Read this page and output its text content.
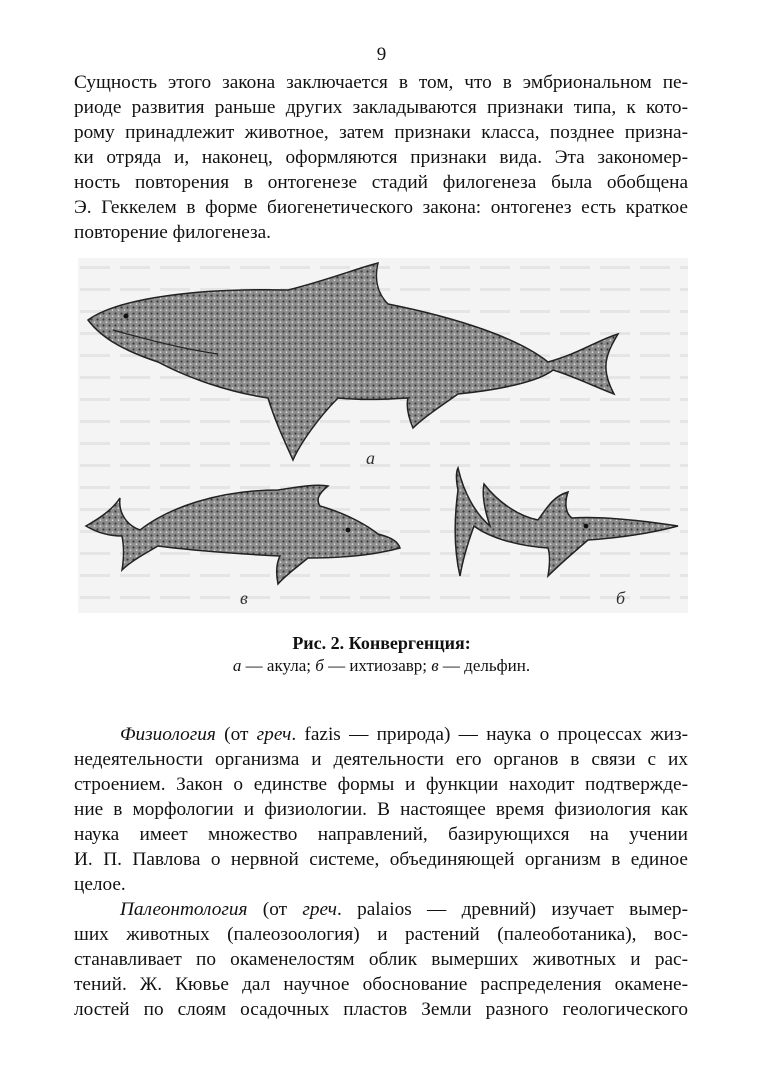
9
Сущность этого закона заключается в том, что в эмбриональном пе-
риоде развития раньше других закладываются признаки типа, к кото-
рому принадлежит животное, затем признаки класса, позднее призна-
ки отряда и, наконец, оформляются признаки вида. Эта закономер-
ность повторения в онтогенезе стадий филогенеза была обобщена
Э. Геккелем в форме биогенетического закона: онтогенез есть краткое
повторение филогенеза.
а
б
в
Рис. 2. Конвергенция:
а — акула; б — ихтиозавр; в — дельфин.
Физиология (от греч. fazis — природа) — наука о процессах жиз-
недеятельности организма и деятельности его органов в связи с их
строением. Закон о единстве формы и функции находит подтвержде-
ние в морфологии и физиологии. В настоящее время физиология как
наука имеет множество направлений, базирующихся на учении
И. П. Павлова о нервной системе, объединяющей организм в единое
целое.
Палеонтология (от греч. palaios — древний) изучает вымер-
ших животных (палеозоология) и растений (палеоботаника), вос-
станавливает по окаменелостям облик вымерших животных и рас-
тений. Ж. Кювье дал научное обоснование распределения окамене-
лостей по слоям осадочных пластов Земли разного геологического
